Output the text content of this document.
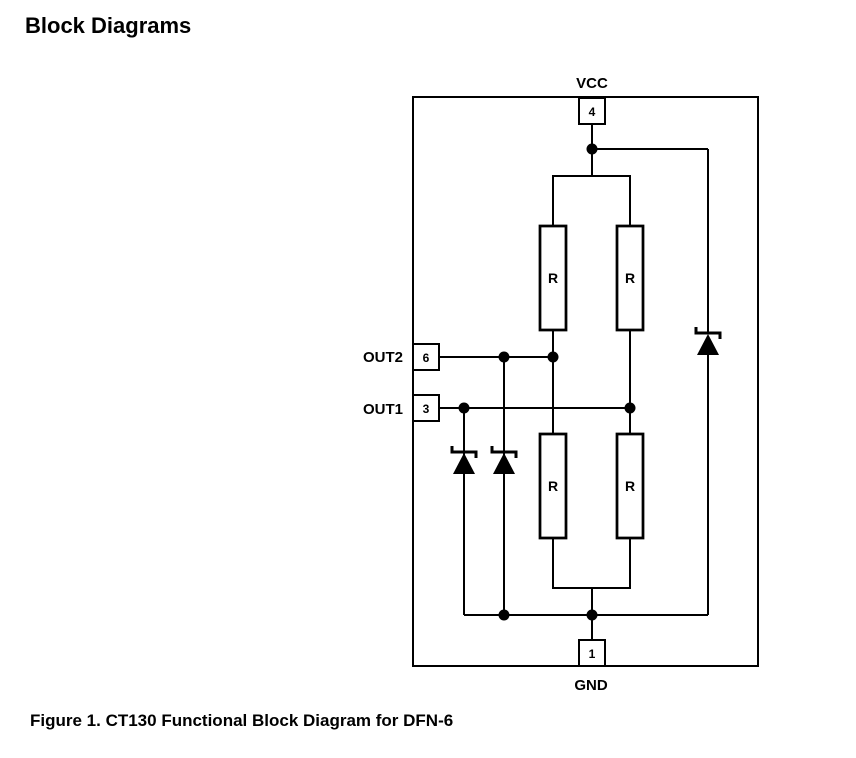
Block Diagrams
R	R
R	R
4
6
3
1
VCC
OUT2
OUT1
GND
Figure 1. CT130 Functional Block Diagram for DFN-6
